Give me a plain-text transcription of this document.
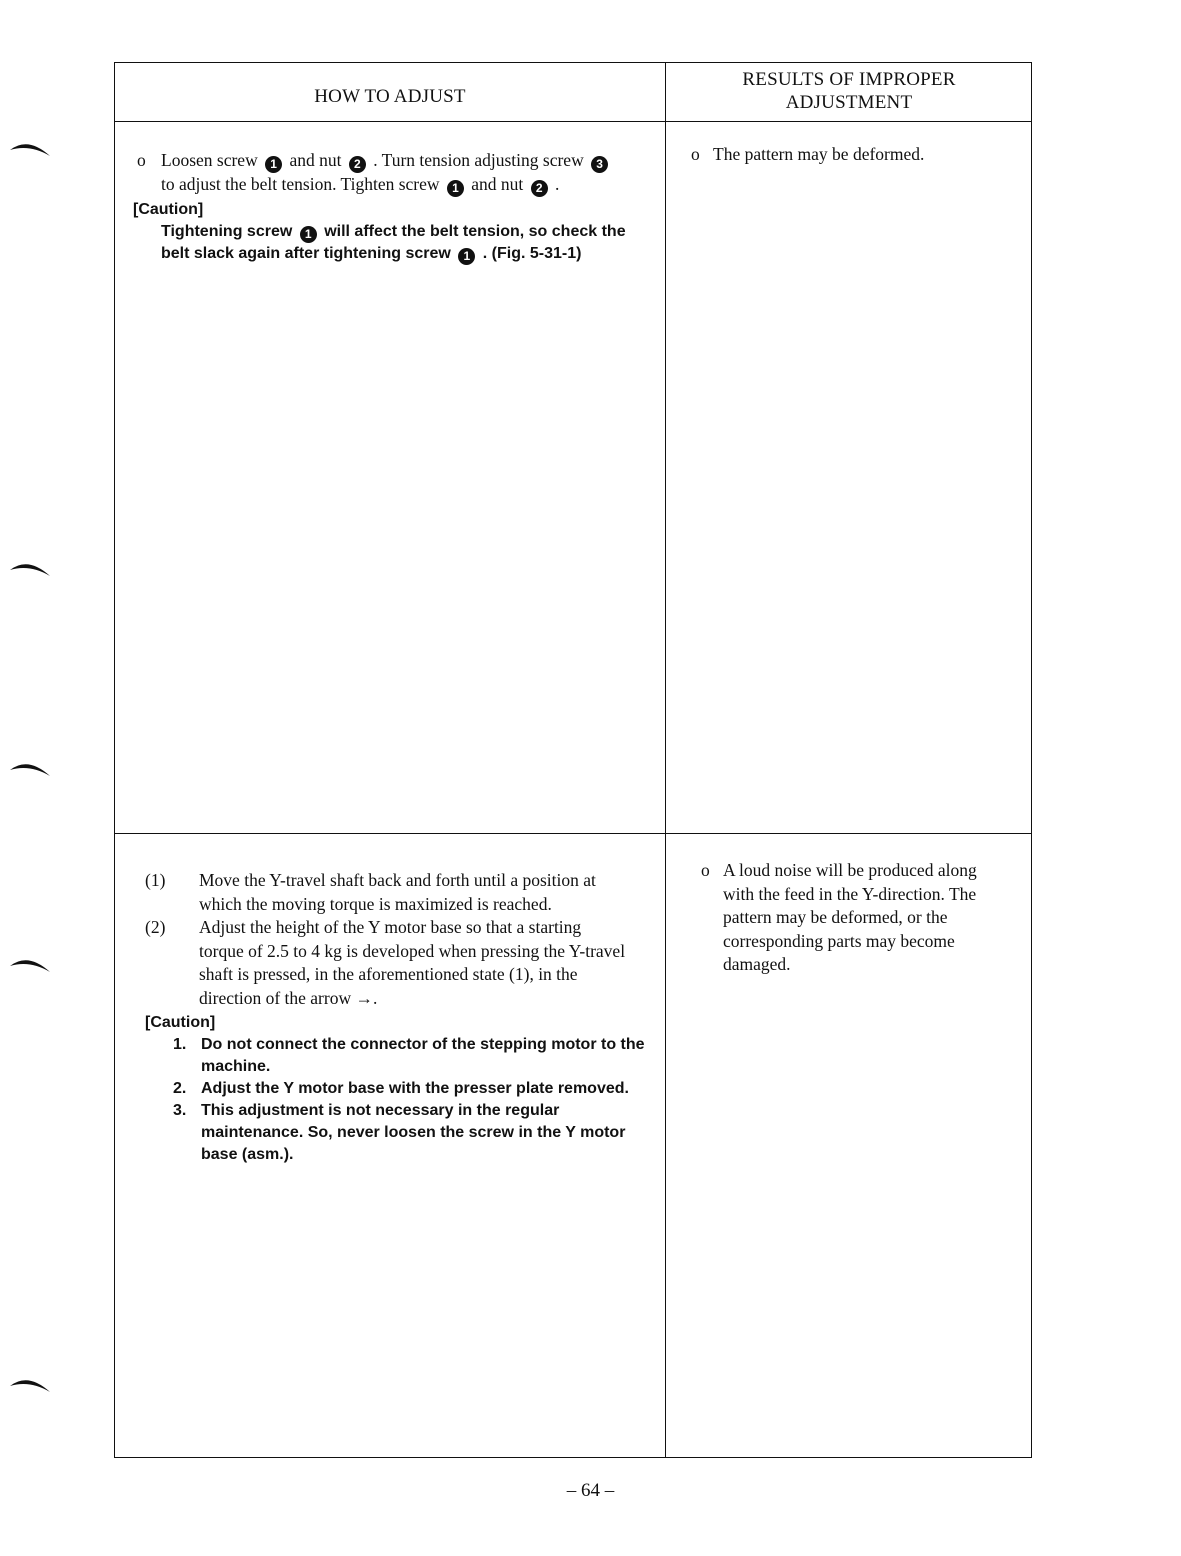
HOW TO ADJUST
RESULTS OF IMPROPER
ADJUSTMENT
o Loosen screw 1 and nut 2 . Turn tension adjusting screw 3
to adjust the belt tension. Tighten screw 1 and nut 2 .
[Caution]
Tightening screw 1 will affect the belt tension, so check the
belt slack again after tightening screw 1 . (Fig. 5-31-1)
o The pattern may be deformed.
(1) Move the Y-travel shaft back and forth until a position at
which the moving torque is maximized is reached.
(2) Adjust the height of the Y motor base so that a starting
torque of 2.5 to 4 kg is developed when pressing the Y-travel
shaft is pressed, in the aforementioned state (1), in the
direction of the arrow →.
[Caution]
1. Do not connect the connector of the stepping motor to the
machine.
2. Adjust the Y motor base with the presser plate removed.
3. This adjustment is not necessary in the regular
maintenance. So, never loosen the screw in the Y motor
base (asm.).
o A loud noise will be produced along
with the feed in the Y-direction. The
pattern may be deformed, or the
corresponding parts may become
damaged.
– 64 –
